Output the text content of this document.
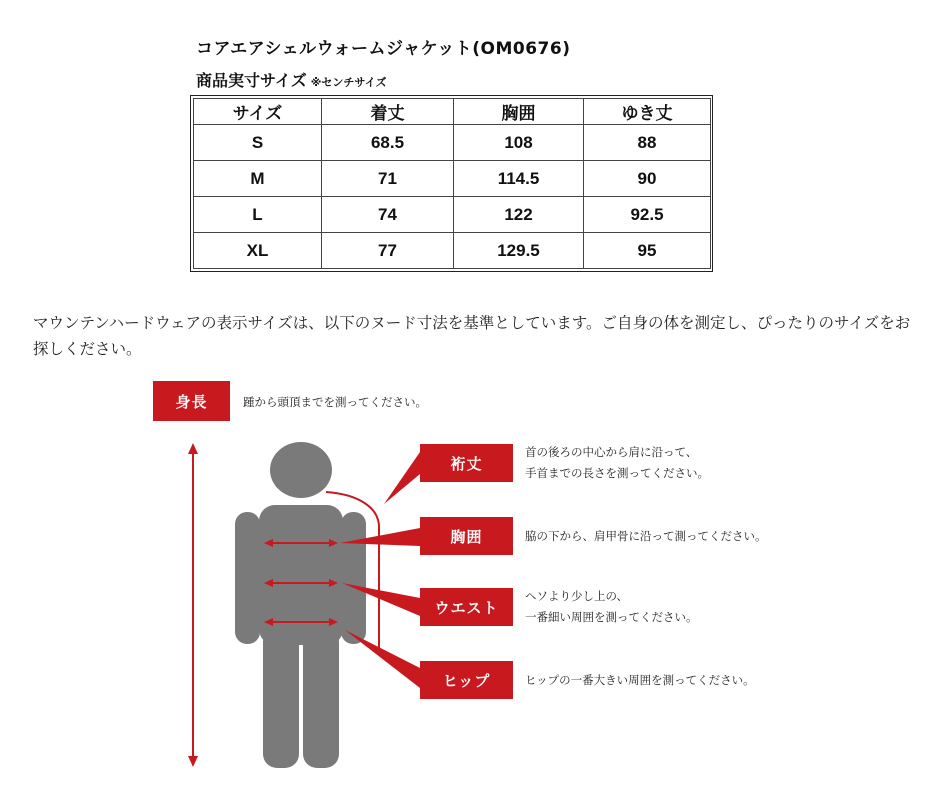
コアエアシェルウォームジャケット(OM0676)
商品実寸サイズ ※センチサイズ
サイズ	着丈	胸囲	ゆき丈
S	68.5	108	88
M	71	114.5	90
L	74	122	92.5
XL	77	129.5	95
マウンテンハードウェアの表示サイズは、以下のヌード寸法を基準としています。ご自身の体を測定し、ぴったりのサイズをお探しください。
身長	踵から頭頂までを測ってください。
裄丈
首の後ろの中心から肩に沿って、
手首までの長さを測ってください。
胸囲	脇の下から、肩甲骨に沿って測ってください。
ウエスト
ヘソより少し上の、
一番細い周囲を測ってください。
ヒップ	ヒップの一番大きい周囲を測ってください。
